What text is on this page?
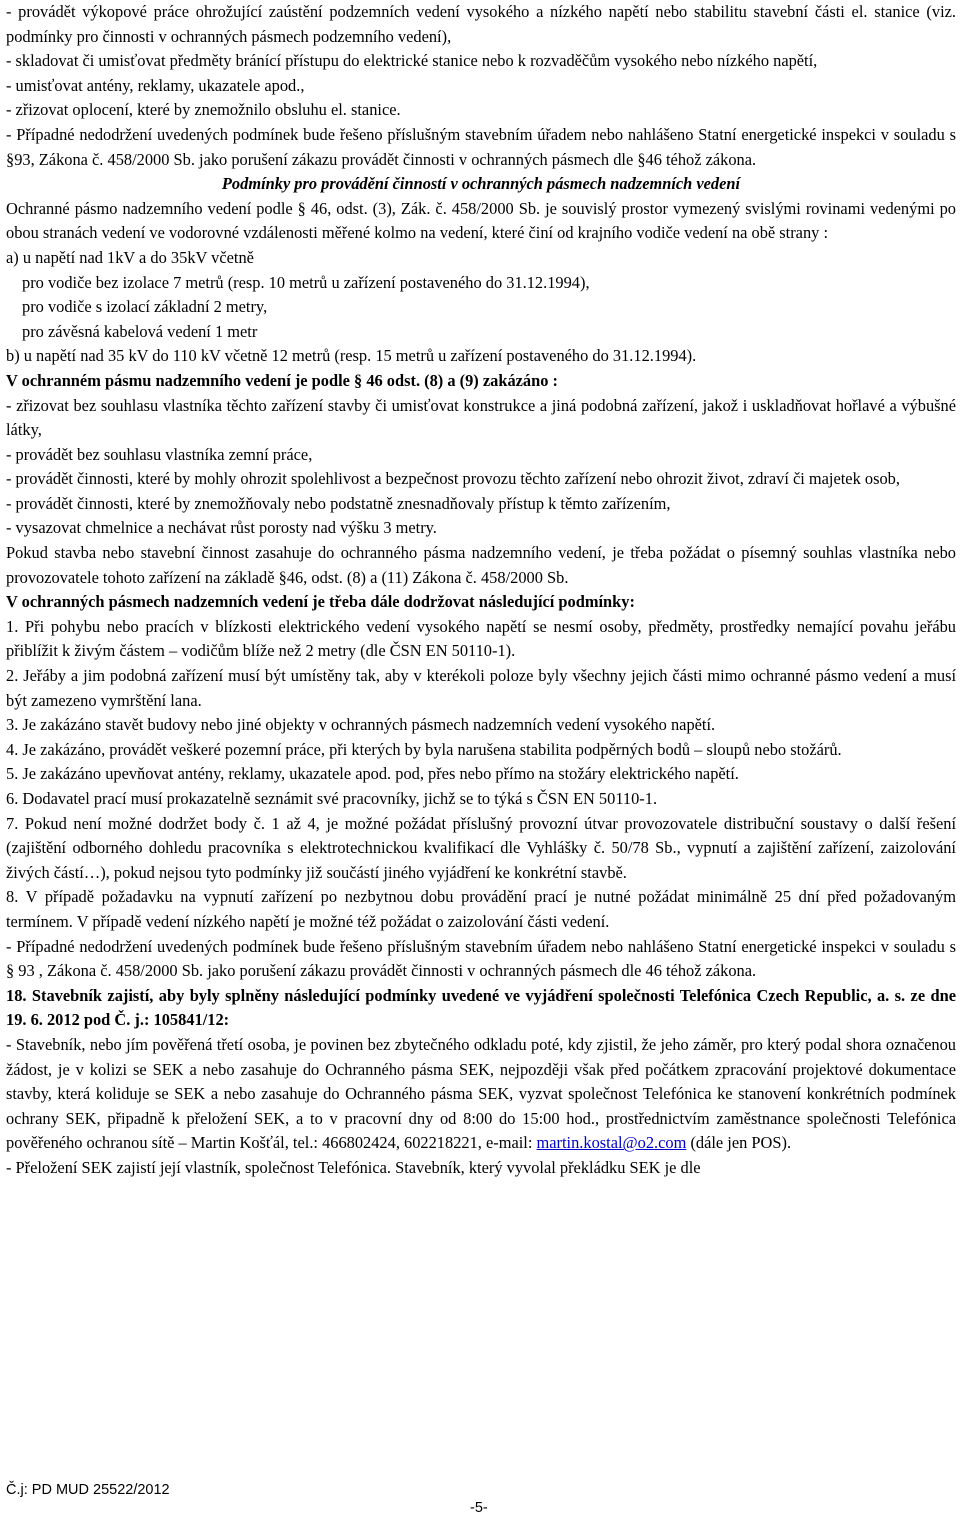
- provádět výkopové práce ohrožující zaústění podzemních vedení vysokého a nízkého napětí nebo stabilitu stavební části el. stanice (viz. podmínky pro činnosti v ochranných pásmech podzemního vedení),

- skladovat či umisťovat předměty bránící přístupu do elektrické stanice nebo k rozvaděčům vysokého nebo nízkého napětí,

- umisťovat antény, reklamy, ukazatele apod.,

- zřizovat oplocení, které by znemožnilo obsluhu el. stanice.

- Případné nedodržení uvedených podmínek bude řešeno příslušným stavebním úřadem nebo nahlášeno Statní energetické inspekci v souladu s §93, Zákona č. 458/2000 Sb. jako porušení zákazu provádět činnosti v ochranných pásmech dle §46 téhož zákona.

Podmínky pro provádění činností v ochranných pásmech nadzemních vedení

Ochranné pásmo nadzemního vedení podle § 46, odst. (3), Zák. č. 458/2000 Sb. je souvislý prostor vymezený svislými rovinami vedenými po obou stranách vedení ve vodorovné vzdálenosti měřené kolmo na vedení, které činí od krajního vodiče vedení na obě strany :

a) u napětí nad 1kV a do 35kV včetně

pro vodiče bez izolace 7 metrů (resp. 10 metrů u zařízení postaveného do 31.12.1994),

pro vodiče s izolací základní 2 metry,

pro závěsná kabelová vedení 1 metr

b) u napětí nad 35 kV do 110 kV včetně 12 metrů (resp. 15 metrů u zařízení postaveného do 31.12.1994).

V ochranném pásmu nadzemního vedení je podle § 46 odst. (8) a (9) zakázáno :

- zřizovat bez souhlasu vlastníka těchto zařízení stavby či umisťovat konstrukce a jiná podobná zařízení, jakož i uskladňovat hořlavé a výbušné látky,

- provádět bez souhlasu vlastníka zemní práce,

- provádět činnosti, které by mohly ohrozit spolehlivost a bezpečnost provozu těchto zařízení nebo ohrozit život, zdraví či majetek osob,

- provádět činnosti, které by znemožňovaly nebo podstatně znesnadňovaly přístup k těmto zařízením,

- vysazovat chmelnice a nechávat růst porosty nad výšku 3 metry.

Pokud stavba nebo stavební činnost zasahuje do ochranného pásma nadzemního vedení, je třeba požádat o písemný souhlas vlastníka nebo provozovatele tohoto zařízení na základě §46, odst. (8) a (11) Zákona č. 458/2000 Sb.

V ochranných pásmech nadzemních vedení je třeba dále dodržovat následující podmínky:

1. Při pohybu nebo pracích v blízkosti elektrického vedení vysokého napětí se nesmí osoby, předměty, prostředky nemající povahu jeřábu přiblížit k živým částem – vodičům blíže než 2 metry (dle ČSN EN 50110-1).

2. Jeřáby a jim podobná zařízení musí být umístěny tak, aby v kterékoli poloze byly všechny jejich části mimo ochranné pásmo vedení a musí být zamezeno vymrštění lana.

3. Je zakázáno stavět budovy nebo jiné objekty v ochranných pásmech nadzemních vedení vysokého napětí.

4. Je zakázáno, provádět veškeré pozemní práce, při kterých by byla narušena stabilita podpěrných bodů – sloupů nebo stožárů.

5. Je zakázáno upevňovat antény, reklamy, ukazatele apod. pod, přes nebo přímo na stožáry elektrického napětí.

6. Dodavatel prací musí prokazatelně seznámit své pracovníky, jichž se to týká s ČSN EN 50110-1.

7. Pokud není možné dodržet body č. 1 až 4, je možné požádat příslušný provozní útvar provozovatele distribuční soustavy o další řešení (zajištění odborného dohledu pracovníka s elektrotechnickou kvalifikací dle Vyhlášky č. 50/78 Sb., vypnutí a zajištění zařízení, zaizolování živých částí…), pokud nejsou tyto podmínky již součástí jiného vyjádření ke konkrétní stavbě.

8. V případě požadavku na vypnutí zařízení po nezbytnou dobu provádění prací je nutné požádat minimálně 25 dní před požadovaným termínem. V případě vedení nízkého napětí je možné též požádat o zaizolování části vedení.

- Případné nedodržení uvedených podmínek bude řešeno příslušným stavebním úřadem nebo nahlášeno Statní energetické inspekci v souladu s § 93 , Zákona č. 458/2000 Sb. jako porušení zákazu provádět činnosti v ochranných pásmech dle 46 téhož zákona.

18. Stavebník zajistí, aby byly splněny následující podmínky uvedené ve vyjádření společnosti Telefónica Czech Republic, a. s. ze dne 19. 6. 2012 pod Č. j.: 105841/12:

- Stavebník, nebo jím pověřená třetí osoba, je povinen bez zbytečného odkladu poté, kdy zjistil, že jeho záměr, pro který podal shora označenou žádost, je v kolizi se SEK a nebo zasahuje do Ochranného pásma SEK, nejpozději však před počátkem zpracování projektové dokumentace stavby, která koliduje se SEK a nebo zasahuje do Ochranného pásma SEK, vyzvat společnost Telefónica ke stanovení konkrétních podmínek ochrany SEK, připadně k přeložení SEK, a to v pracovní dny od 8:00 do 15:00 hod., prostřednictvím zaměstnance společnosti Telefónica pověřeného ochranou sítě – Martin Košťál, tel.: 466802424, 602218221, e-mail: martin.kostal@o2.com (dále jen POS).

- Přeložení SEK zajistí její vlastník, společnost Telefónica. Stavebník, který vyvolal překládku SEK je dle

Č.j: PD MUD 25522/2012
-5-
